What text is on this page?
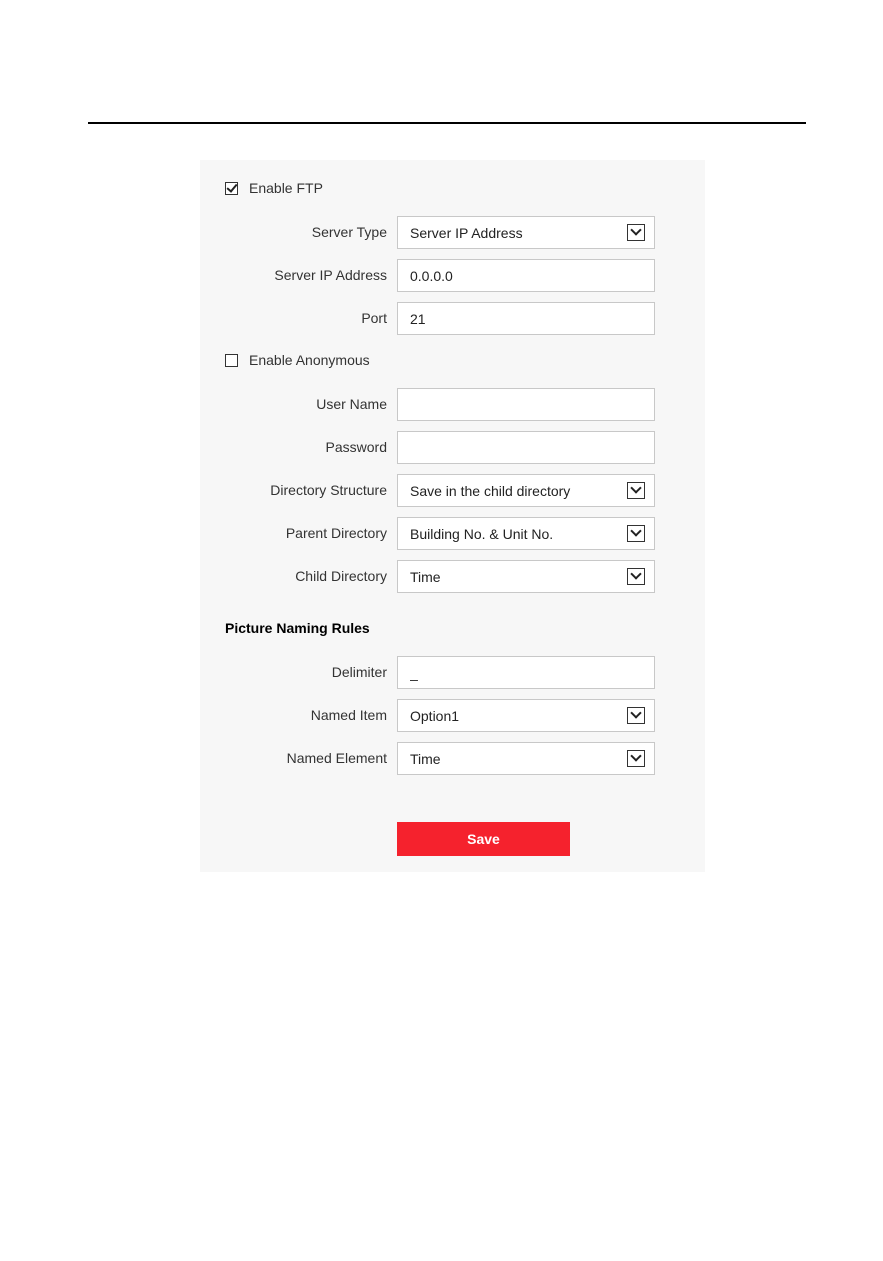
Enable FTP
Server Type Server IP Address
Server IP Address 0.0.0.0
Port 21
Enable Anonymous
User Name
Password
Directory Structure Save in the child directory
Parent Directory Building No. & Unit No.
Child Directory Time
Picture Naming Rules
Delimiter _
Named Item Option1
Named Element Time
Save
